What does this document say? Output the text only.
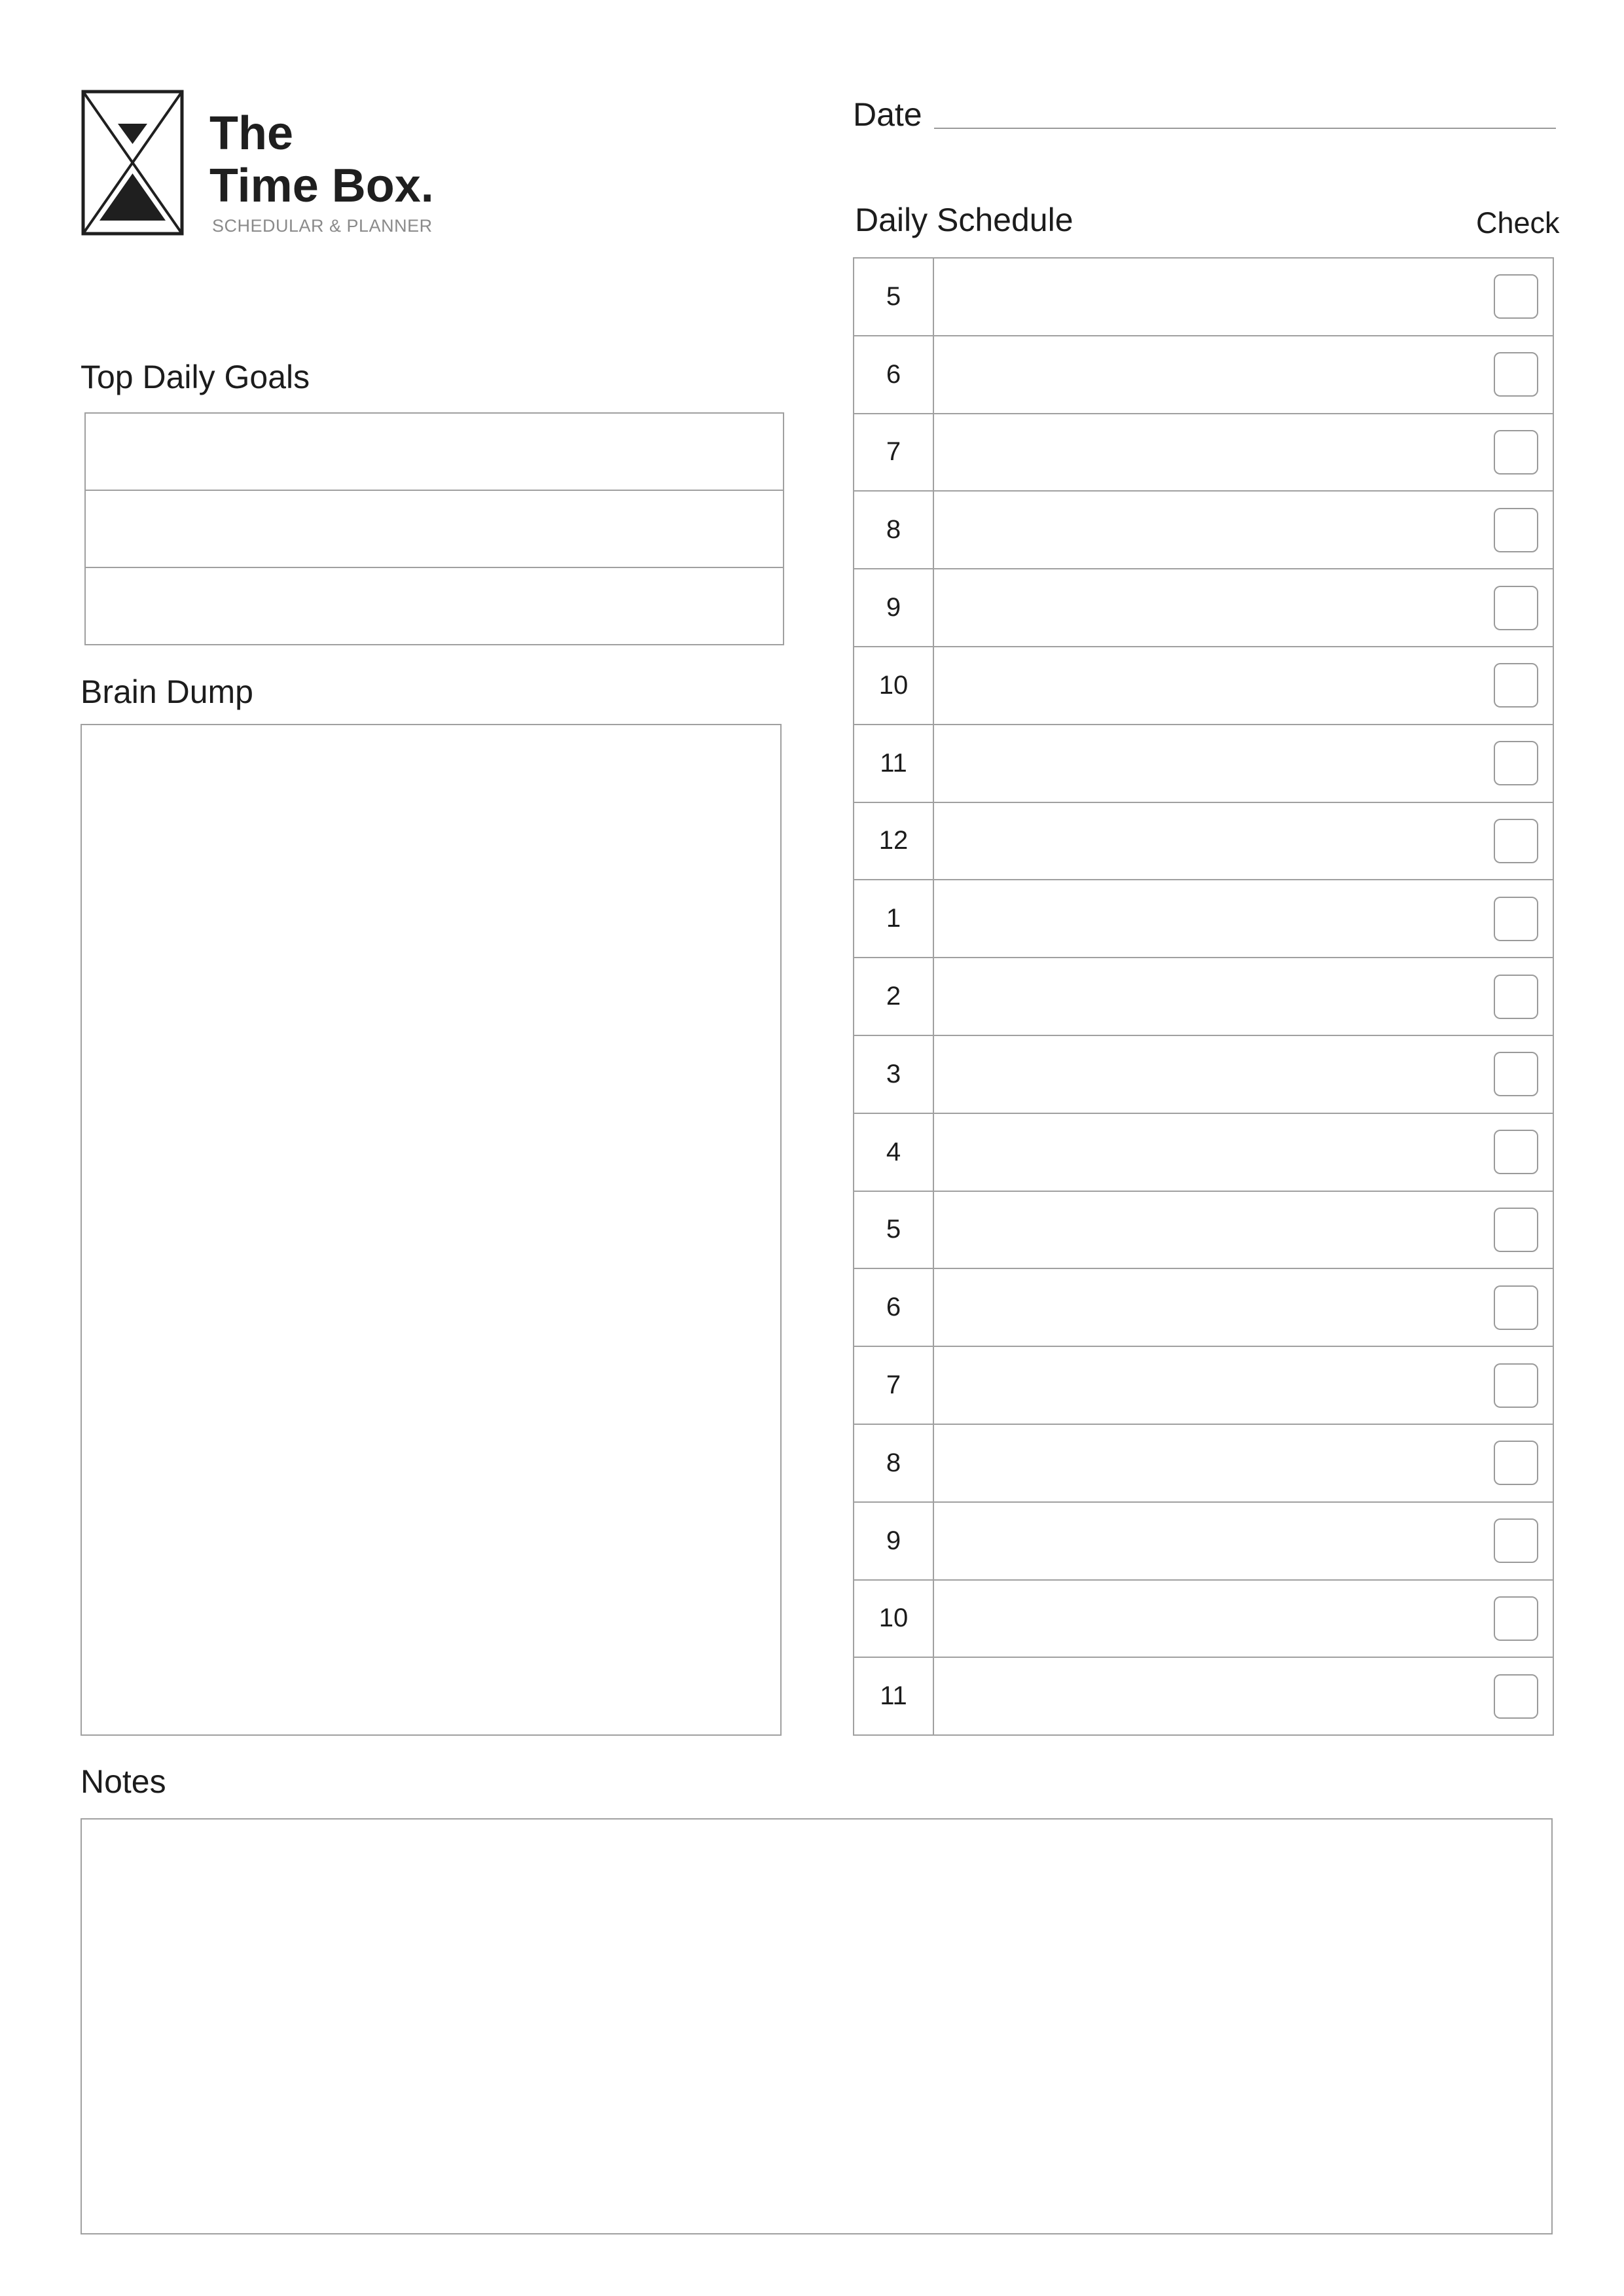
The
Time Box.
SCHEDULAR & PLANNER
Date
Top Daily Goals
Brain Dump
Daily Schedule	Check
5
6
7
8
9
10
11
12
1
2
3
4
5
6
7
8
9
10
11
Notes
